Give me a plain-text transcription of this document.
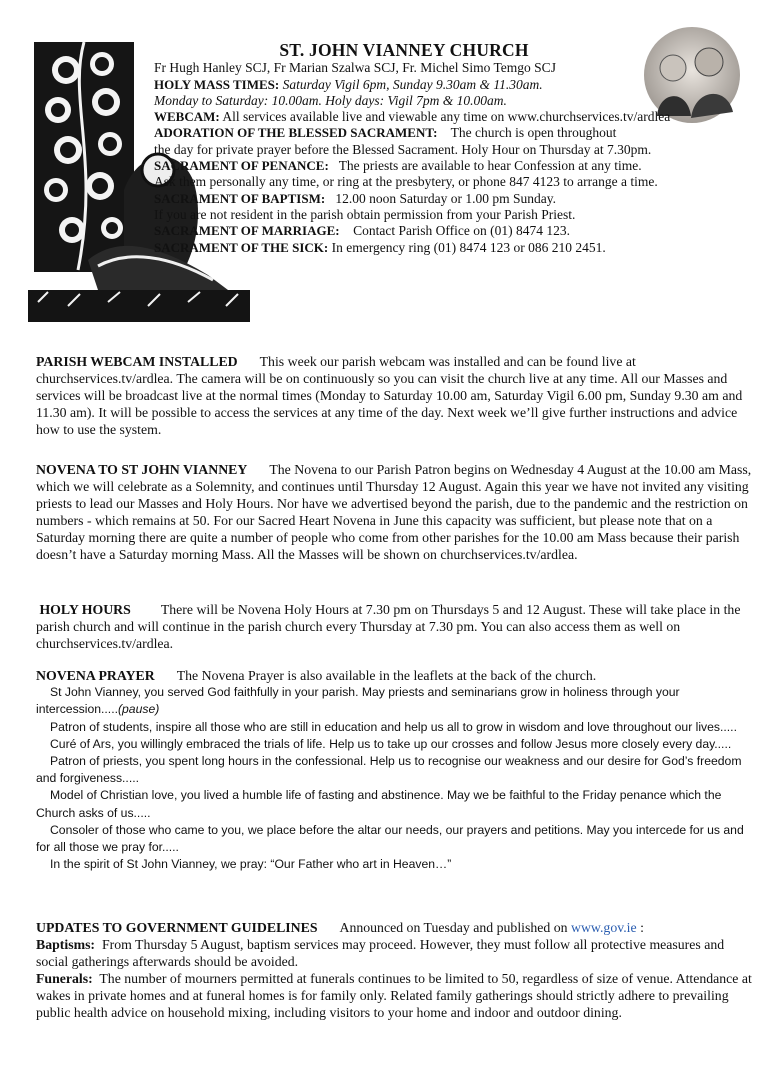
ST. JOHN VIANNEY CHURCH
Fr Hugh Hanley SCJ, Fr Marian Szalwa SCJ, Fr. Michel Simo Temgo SCJ
HOLY MASS TIMES: Saturday Vigil 6pm, Sunday 9.30am & 11.30am.
Monday to Saturday: 10.00am. Holy days: Vigil 7pm & 10.00am.
WEBCAM: All services available live and viewable any time on www.churchservices.tv/ardlea
ADORATION OF THE BLESSED SACRAMENT: The church is open throughout
the day for private prayer before the Blessed Sacrament. Holy Hour on Thursday at 7.30pm.
SACRAMENT OF PENANCE: The priests are available to hear Confession at any time.
Ask them personally any time, or ring at the presbytery, or phone 847 4123 to arrange a time.
SACRAMENT OF BAPTISM: 12.00 noon Saturday or 1.00 pm Sunday.
If you are not resident in the parish obtain permission from your Parish Priest.
SACRAMENT OF MARRIAGE: Contact Parish Office on (01) 8474 123.
SACRAMENT OF THE SICK: In emergency ring (01) 8474 123 or 086 210 2451.

PARISH WEBCAM INSTALLED This week our parish webcam was installed and can be found live at churchservices.tv/ardlea. The camera will be on continuously so you can visit the church live at any time. All our Masses and services will be broadcast live at the normal times (Monday to Saturday 10.00 am, Saturday Vigil 6.00 pm, Sunday 9.30 am and 11.30 am). It will be possible to access the services at any time of the day. Next week we’ll give further instructions and advice how to use the system.

NOVENA TO ST JOHN VIANNEY The Novena to our Parish Patron begins on Wednesday 4 August at the 10.00 am Mass, which we will celebrate as a Solemnity, and continues until Thursday 12 August. Again this year we have not invited any visiting priests to lead our Masses and Holy Hours. Nor have we advertised beyond the parish, due to the pandemic and the restriction on numbers - which remains at 50. For our Sacred Heart Novena in June this capacity was sufficient, but please note that on a Saturday morning there are quite a number of people who come from other parishes for the 10.00 am Mass because their parish doesn’t have a Saturday morning Mass. All the Masses will be shown on churchservices.tv/ardlea.

HOLY HOURS There will be Novena Holy Hours at 7.30 pm on Thursdays 5 and 12 August. These will take place in the parish church and will continue in the parish church every Thursday at 7.30 pm. You can also access them as well on churchservices.tv/ardlea.

NOVENA PRAYER The Novena Prayer is also available in the leaflets at the back of the church.

St John Vianney, you served God faithfully in your parish. May priests and seminarians grow in holiness through your intercession.....(pause)

Patron of students, inspire all those who are still in education and help us all to grow in wisdom and love throughout our lives.....

Curé of Ars, you willingly embraced the trials of life. Help us to take up our crosses and follow Jesus more closely every day.....

Patron of priests, you spent long hours in the confessional. Help us to recognise our weakness and our desire for God’s freedom and forgiveness.....

Model of Christian love, you lived a humble life of fasting and abstinence. May we be faithful to the Friday penance which the Church asks of us.....

Consoler of those who came to you, we place before the altar our needs, our prayers and petitions. May you intercede for us and for all those we pray for.....

In the spirit of St John Vianney, we pray: “Our Father who art in Heaven…”

UPDATES TO GOVERNMENT GUIDELINES Announced on Tuesday and published on www.gov.ie :

Baptisms: From Thursday 5 August, baptism services may proceed. However, they must follow all protective measures and social gatherings afterwards should be avoided.

Funerals: The number of mourners permitted at funerals continues to be limited to 50, regardless of size of venue. Attendance at wakes in private homes and at funeral homes is for family only. Related family gatherings should strictly adhere to prevailing public health advice on household mixing, including visitors to your home and indoor and outdoor dining.
